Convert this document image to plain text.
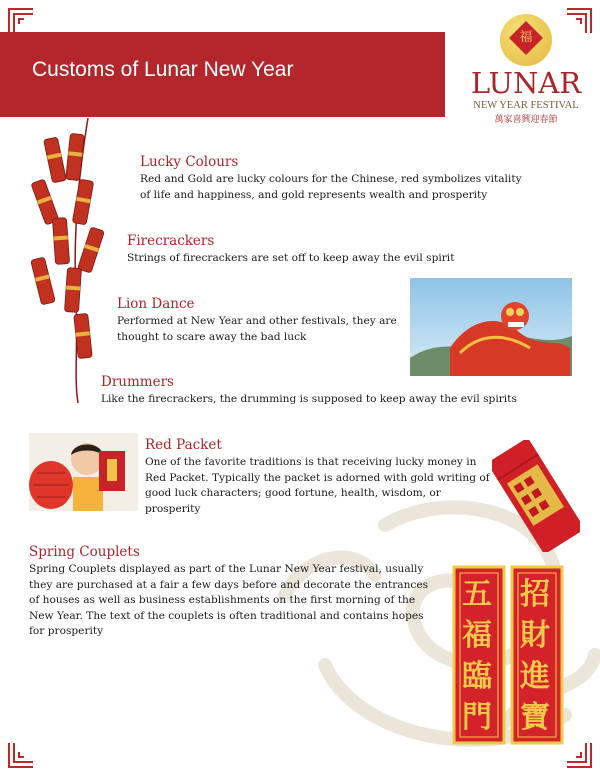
Customs of Lunar New Year
福
LUNAR
NEW YEAR FESTIVAL
萬家喜興迎春節
Lucky Colours
Red and Gold are lucky colours for the Chinese, red symbolizes vitality of life and happiness, and gold represents wealth and prosperity
Firecrackers
Strings of firecrackers are set off to keep away the evil spirit
Lion Dance
Performed at New Year and other festivals, they are thought to scare away the bad luck
Drummers
Like the firecrackers, the drumming is supposed to keep away the evil spirits
Red Packet
One of the favorite traditions is that receiving lucky money in Red Packet. Typically the packet is adorned with gold writing of good luck characters; good fortune, health, wisdom, or prosperity
Spring Couplets
Spring Couplets displayed as part of the Lunar New Year festival, usually they are purchased at a fair a few days before and decorate the entrances of houses as well as business establishments on the first morning of the New Year. The text of the couplets is often traditional and contains hopes for prosperity
五
福
臨
門
招
財
進
寶
